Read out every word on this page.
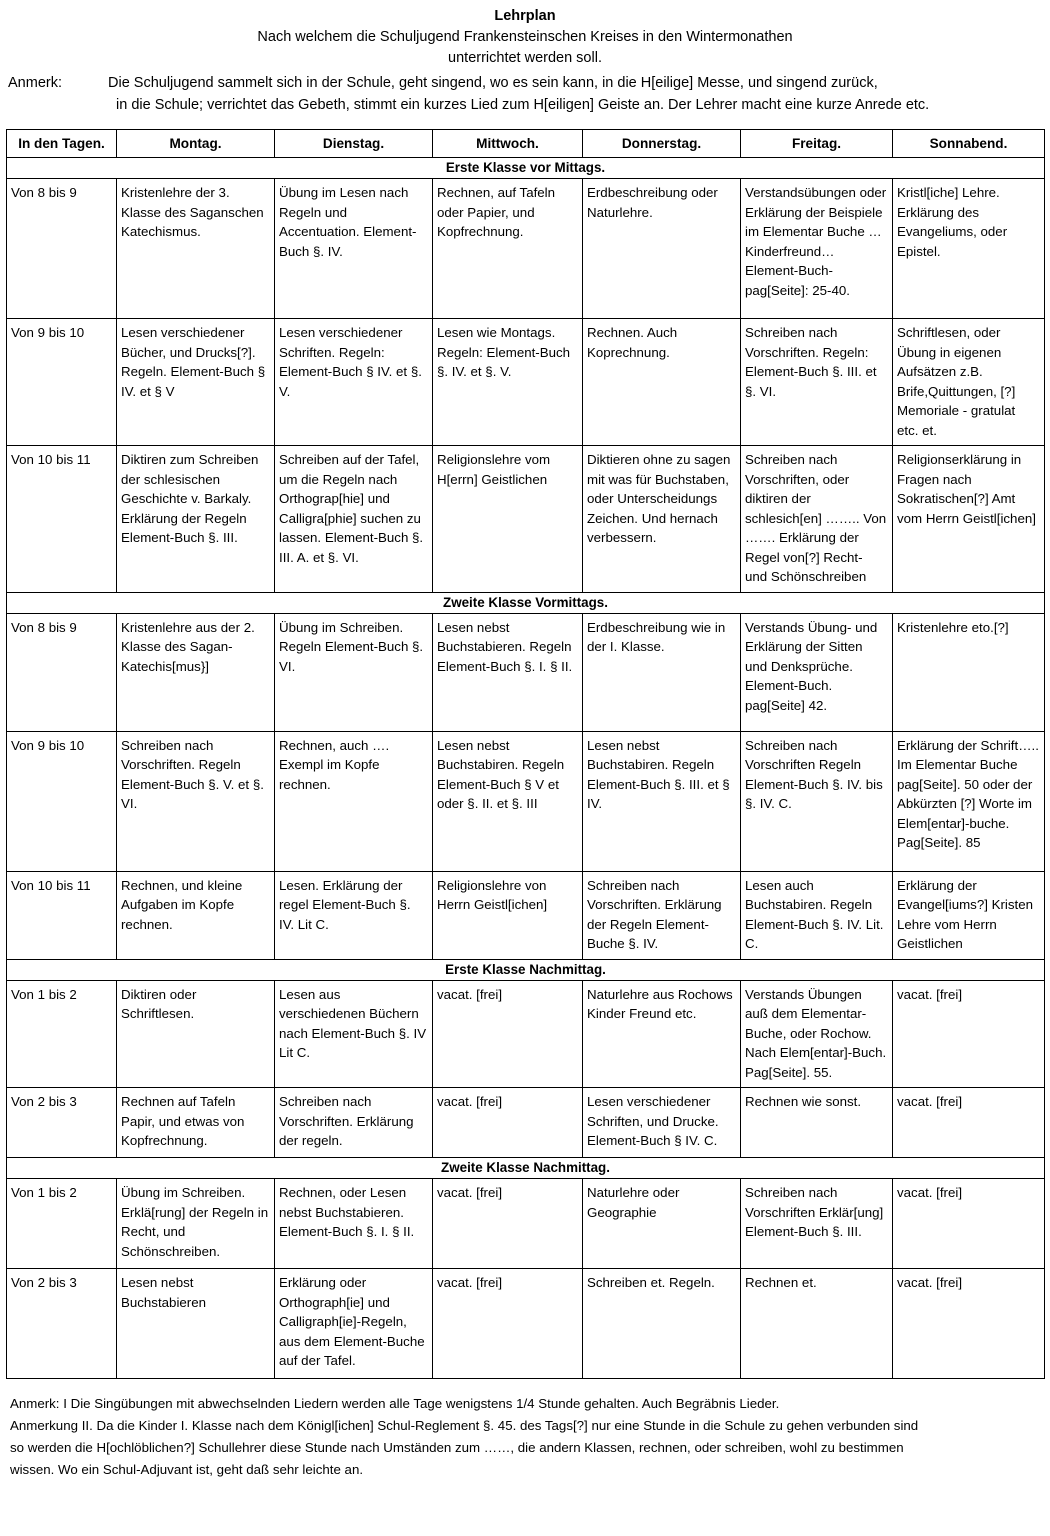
Lehrplan
Nach welchem die Schuljugend Frankensteinschen Kreises in den Wintermonathen
unterrichtet werden soll.
Anmerk:	Die Schuljugend sammelt sich in der Schule, geht singend, wo es sein kann, in die H[eilige] Messe, und singend zurück,
in die Schule; verrichtet das Gebeth, stimmt ein kurzes Lied zum H[eiligen] Geiste an. Der Lehrer macht eine kurze Anrede etc.
In den Tagen.	Montag.	Dienstag.	Mittwoch.	Donnerstag.	Freitag.	Sonnabend.
Erste Klasse vor Mittags.						
Von 8 bis 9	Kristenlehre der 3. Klasse des Saganschen Katechismus.	Übung im Lesen nach Regeln und Accentuation. Element-Buch §. IV.	Rechnen, auf Tafeln oder Papier, und Kopfrechnung.	Erdbeschreibung oder Naturlehre.	Verstandsübungen oder Erklärung der Beispiele im Elementar Buche … Kinderfreund… Element-Buch-pag[Seite]: 25-40.	Kristl[iche] Lehre. Erklärung des Evangeliums, oder Epistel.
Von 9 bis 10	Lesen verschiedener Bücher, und Drucks[?]. Regeln. Element-Buch § IV. et § V	Lesen verschiedener Schriften. Regeln: Element-Buch § IV. et §. V.	Lesen wie Montags. Regeln: Element-Buch §. IV. et §. V.	Rechnen. Auch Koprechnung.	Schreiben nach Vorschriften. Regeln: Element-Buch §. III. et §. VI.	Schriftlesen, oder Übung in eigenen Aufsätzen z.B. Brife,Quittungen, [?] Memoriale - gratulat etc. et.
Von 10 bis 11	Diktiren zum Schreiben der schlesischen Geschichte v. Barkaly. Erklärung der Regeln Element-Buch §. III.	Schreiben auf der Tafel, um die Regeln nach Orthograp[hie] und Calligra[phie] suchen zu lassen. Element-Buch §. III. A. et §. VI.	Religionslehre vom H[errn] Geistlichen	Diktieren ohne zu sagen mit was für Buchstaben, oder Unterscheidungs Zeichen. Und hernach verbessern.	Schreiben nach Vorschriften, oder diktiren der schlesich[en] …….. Von ……. Erklärung der Regel von[?] Recht- und Schönschreiben	Religionserklärung in Fragen nach Sokratischen[?] Amt vom Herrn Geistl[ichen]
Zweite Klasse Vormittags.						
Von 8 bis 9	Kristenlehre aus der 2. Klasse des Sagan-Katechis[mus}]	Übung im Schreiben. Regeln Element-Buch §. VI.	Lesen nebst Buchstabieren. Regeln Element-Buch §. I. § II.	Erdbeschreibung wie in der I. Klasse.	Verstands Übung- und Erklärung der Sitten und Denksprüche. Element-Buch. pag[Seite] 42.	Kristenlehre eto.[?]
Von 9 bis 10	Schreiben nach Vorschriften. Regeln Element-Buch §. V. et §. VI.	Rechnen, auch …. Exempl im Kopfe rechnen.	Lesen nebst Buchstabiren. Regeln Element-Buch § V et oder §. II. et §. III	Lesen nebst Buchstabiren. Regeln Element-Buch §. III. et § IV.	Schreiben nach Vorschriften Regeln Element-Buch §. IV. bis §. IV. C.	Erklärung der Schrift….. Im Elementar Buche pag[Seite]. 50 oder der Abkürzten [?] Worte im Elem[entar]-buche. Pag[Seite]. 85
Von 10 bis 11	Rechnen, und kleine Aufgaben im Kopfe rechnen.	Lesen. Erklärung der regel Element-Buch §. IV. Lit C.	Religionslehre von Herrn Geistl[ichen]	Schreiben nach Vorschriften. Erklärung der Regeln Element-Buche §. IV.	Lesen auch Buchstabiren. Regeln Element-Buch §. IV. Lit. C.	Erklärung der Evangel[iums?] Kristen Lehre vom Herrn Geistlichen
Erste Klasse Nachmittag.						
Von 1 bis 2	Diktiren oder Schriftlesen.	Lesen aus verschiedenen Büchern nach Element-Buch §. IV Lit C.	vacat. [frei]	Naturlehre aus Rochows Kinder Freund etc.	Verstands Übungen auß dem Elementar-Buche, oder Rochow. Nach Elem[entar]-Buch. Pag[Seite]. 55.	vacat. [frei]
Von 2 bis 3	Rechnen auf Tafeln Papir, und etwas von Kopfrechnung.	Schreiben nach Vorschriften. Erklärung der regeln.	vacat. [frei]	Lesen verschiedener Schriften, und Drucke. Element-Buch § IV. C.	Rechnen wie sonst.	vacat. [frei]
Zweite Klasse Nachmittag.						
Von 1 bis 2	Übung im Schreiben. Erklä[rung] der Regeln in Recht, und Schönschreiben.	Rechnen, oder Lesen nebst Buchstabieren. Element-Buch §. I. § II.	vacat. [frei]	Naturlehre oder Geographie	Schreiben nach Vorschriften Erklär[ung] Element-Buch §. III.	vacat. [frei]
Von 2 bis 3	Lesen nebst Buchstabieren	Erklärung oder Orthograph[ie] und Calligraph[ie]-Regeln, aus dem Element-Buche auf der Tafel.	vacat. [frei]	Schreiben et. Regeln.	Rechnen et.	vacat. [frei]

Anmerk: I Die Singübungen mit abwechselnden Liedern werden alle Tage wenigstens 1/4 Stunde gehalten. Auch Begräbnis Lieder.

Anmerkung II. Da die Kinder I. Klasse nach dem Königl[ichen] Schul-Reglement §. 45. des Tags[?] nur eine Stunde in die Schule zu gehen verbunden sind

so werden die H[ochlöblichen?] Schullehrer diese Stunde nach Umständen zum ……, die andern Klassen, rechnen, oder schreiben, wohl zu bestimmen

wissen. Wo ein Schul-Adjuvant ist, geht daß sehr leichte an.
